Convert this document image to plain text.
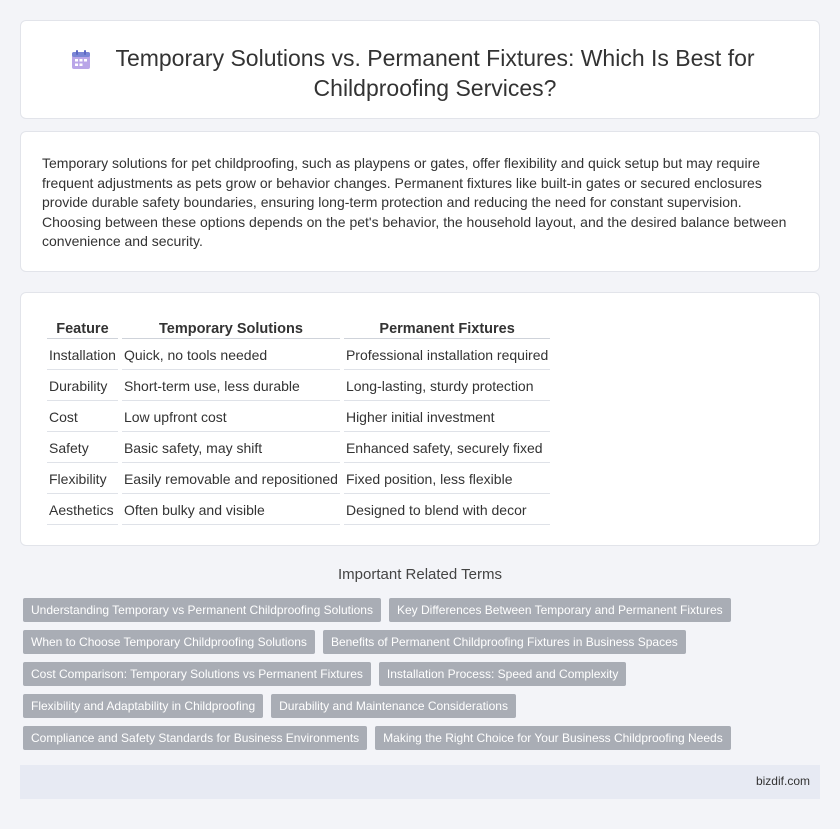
Temporary Solutions vs. Permanent Fixtures: Which Is Best for Childproofing Services?

Temporary solutions for pet childproofing, such as playpens or gates, offer flexibility and quick setup but may require frequent adjustments as pets grow or behavior changes. Permanent fixtures like built-in gates or secured enclosures provide durable safety boundaries, ensuring long-term protection and reducing the need for constant supervision. Choosing between these options depends on the pet's behavior, the household layout, and the desired balance between convenience and security.

Feature	Temporary Solutions	Permanent Fixtures
Installation	Quick, no tools needed	Professional installation required
Durability	Short-term use, less durable	Long-lasting, sturdy protection
Cost	Low upfront cost	Higher initial investment
Safety	Basic safety, may shift	Enhanced safety, securely fixed
Flexibility	Easily removable and repositioned	Fixed position, less flexible
Aesthetics	Often bulky and visible	Designed to blend with decor
Important Related Terms
Understanding Temporary vs Permanent Childproofing Solutions	Key Differences Between Temporary and Permanent Fixtures
When to Choose Temporary Childproofing Solutions	Benefits of Permanent Childproofing Fixtures in Business Spaces
Cost Comparison: Temporary Solutions vs Permanent Fixtures	Installation Process: Speed and Complexity
Flexibility and Adaptability in Childproofing	Durability and Maintenance Considerations
Compliance and Safety Standards for Business Environments	Making the Right Choice for Your Business Childproofing Needs
bizdif.com
